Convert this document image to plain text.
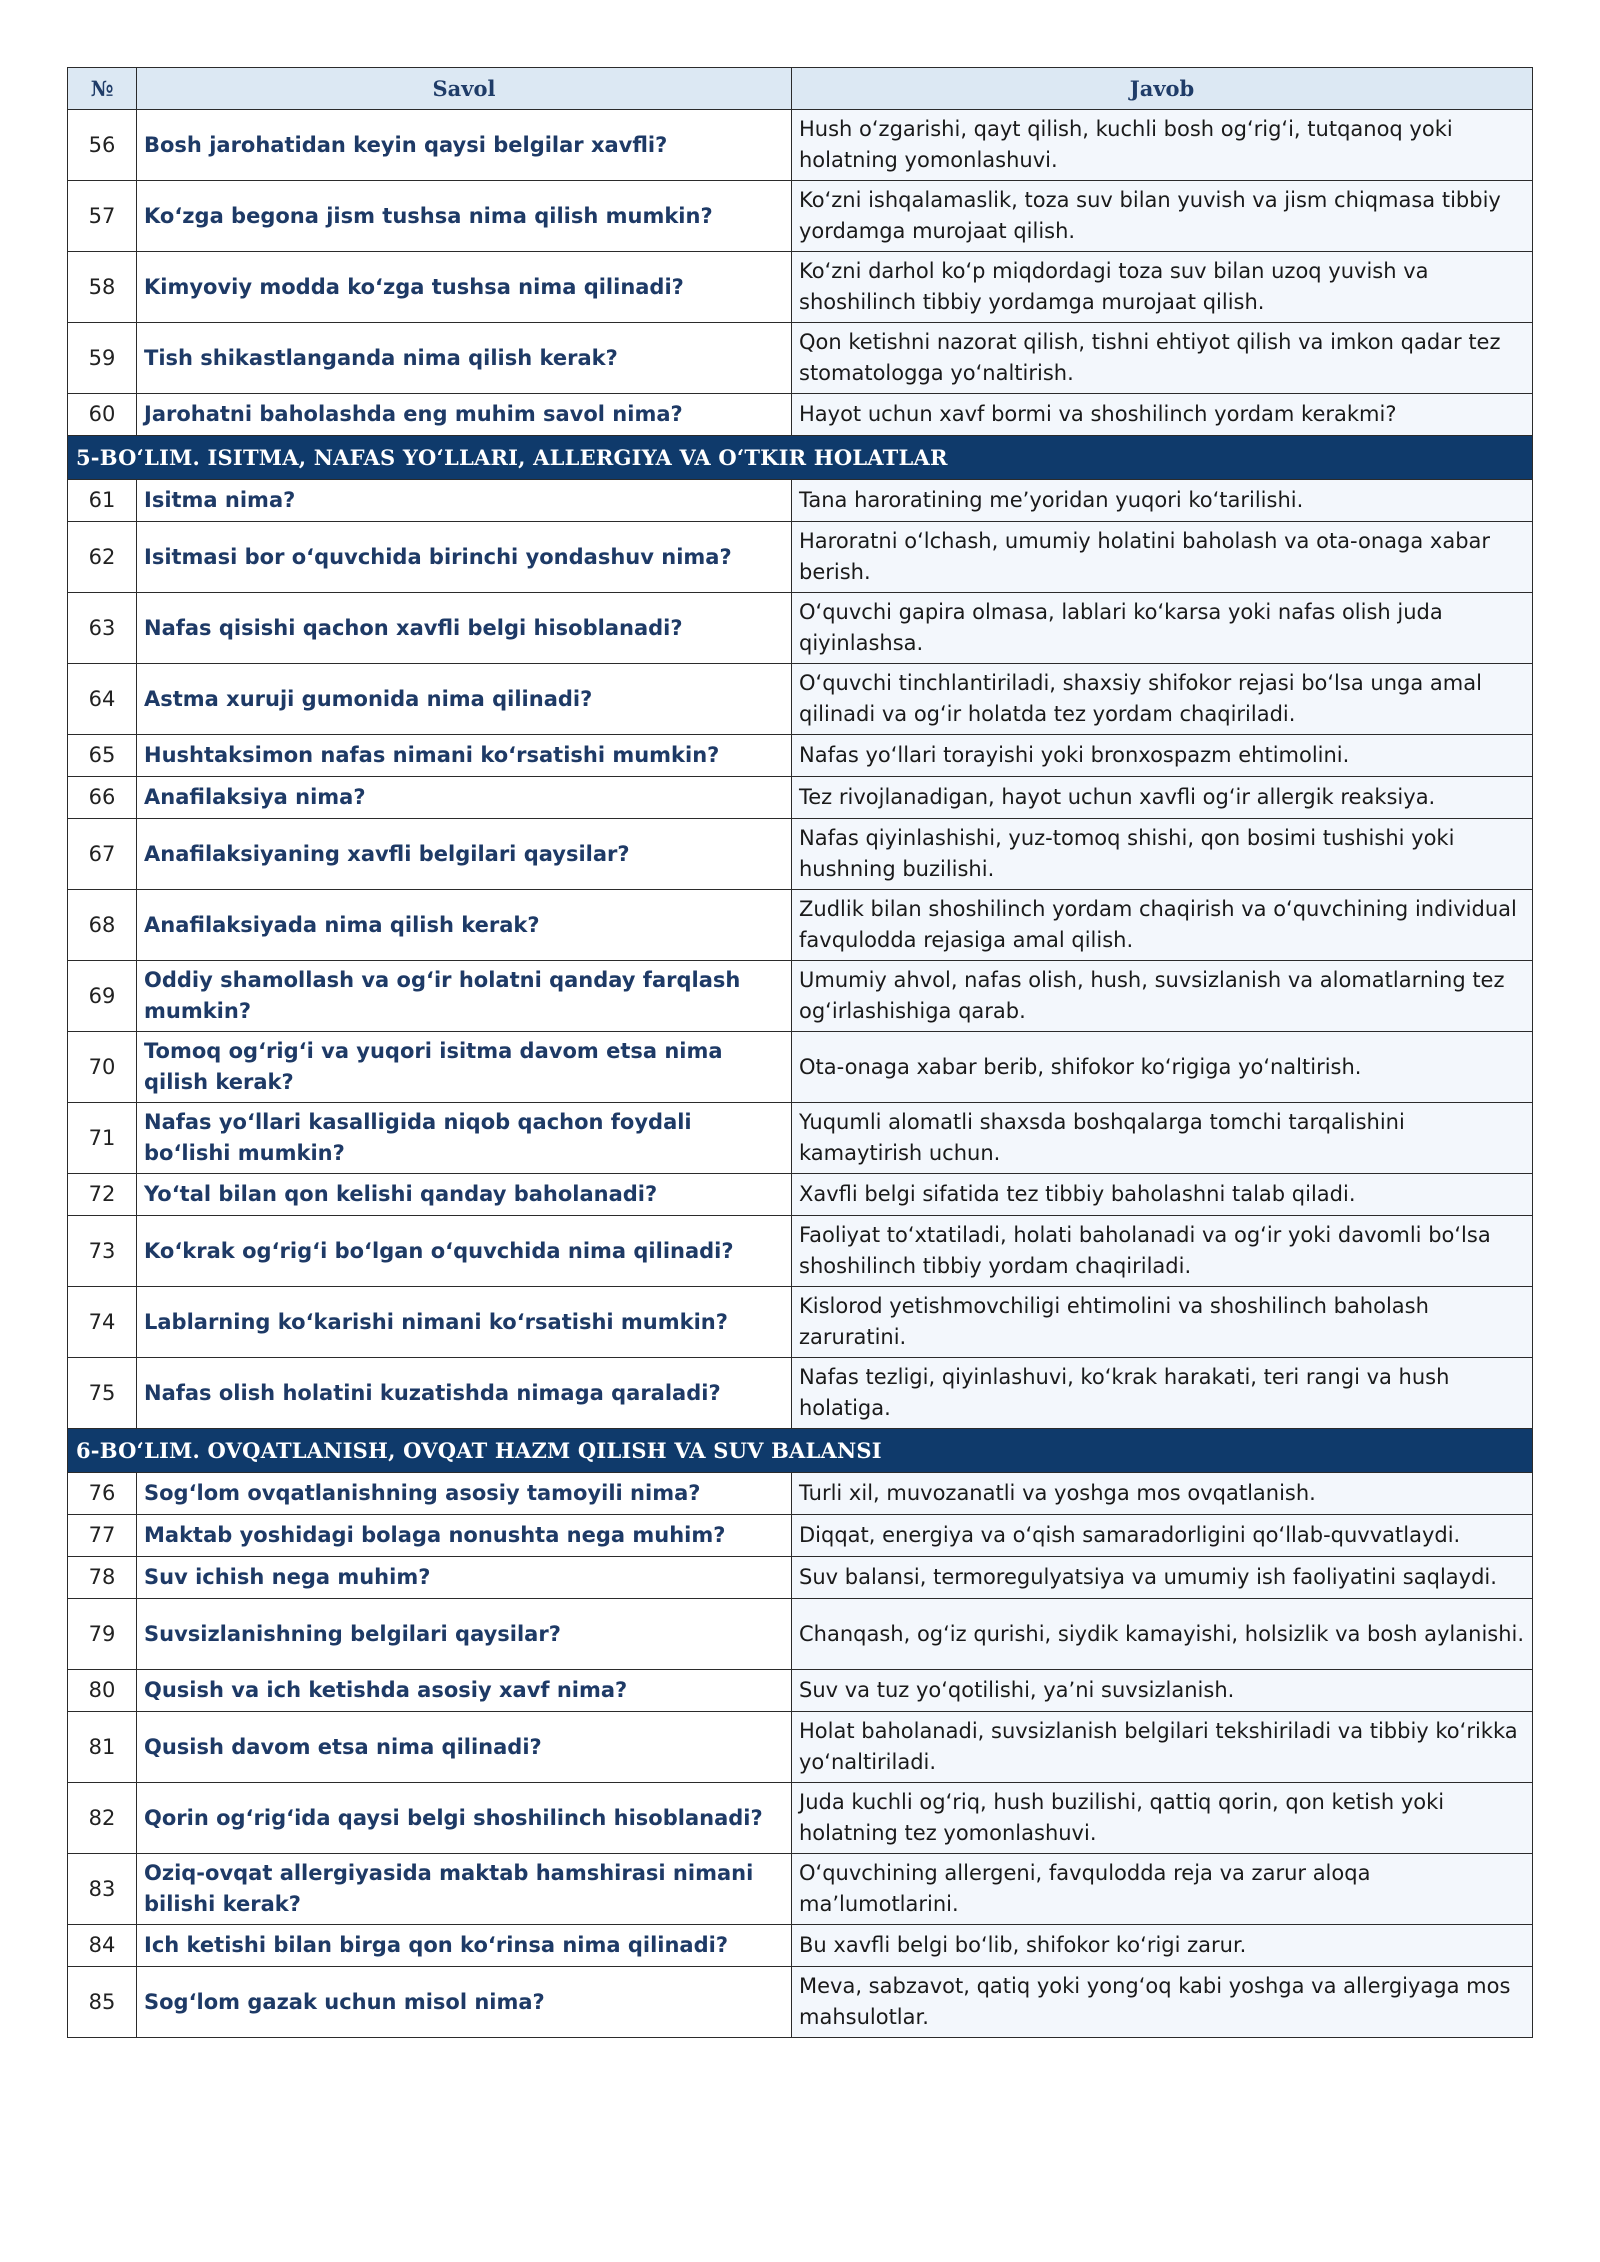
№	Savol	Javob
56	Bosh jarohatidan keyin qaysi belgilar xavfli?	Hush oʻzgarishi, qayt qilish, kuchli bosh ogʻrigʻi, tutqanoq yoki holatning yomonlashuvi.
57	Koʻzga begona jism tushsa nima qilish mumkin?	Koʻzni ishqalamaslik, toza suv bilan yuvish va jism chiqmasa tibbiy yordamga murojaat qilish.
58	Kimyoviy modda koʻzga tushsa nima qilinadi?	Koʻzni darhol koʻp miqdordagi toza suv bilan uzoq yuvish va shoshilinch tibbiy yordamga murojaat qilish.
59	Tish shikastlanganda nima qilish kerak?	Qon ketishni nazorat qilish, tishni ehtiyot qilish va imkon qadar tez stomatologga yoʻnaltirish.
60	Jarohatni baholashda eng muhim savol nima?	Hayot uchun xavf bormi va shoshilinch yordam kerakmi?
5-BOʻLIM. ISITMA, NAFAS YOʻLLARI, ALLERGIYA VA OʻTKIR HOLATLAR		
61	Isitma nima?	Tana haroratining meʼyoridan yuqori koʻtarilishi.
62	Isitmasi bor oʻquvchida birinchi yondashuv nima?	Haroratni oʻlchash, umumiy holatini baholash va ota-onaga xabar berish.
63	Nafas qisishi qachon xavfli belgi hisoblanadi?	Oʻquvchi gapira olmasa, lablari koʻkarsa yoki nafas olish juda qiyinlashsa.
64	Astma xuruji gumonida nima qilinadi?	Oʻquvchi tinchlantiriladi, shaxsiy shifokor rejasi boʻlsa unga amal qilinadi va ogʻir holatda tez yordam chaqiriladi.
65	Hushtaksimon nafas nimani koʻrsatishi mumkin?	Nafas yoʻllari torayishi yoki bronxospazm ehtimolini.
66	Anafilaksiya nima?	Tez rivojlanadigan, hayot uchun xavfli ogʻir allergik reaksiya.
67	Anafilaksiyaning xavfli belgilari qaysilar?	Nafas qiyinlashishi, yuz-tomoq shishi, qon bosimi tushishi yoki hushning buzilishi.
68	Anafilaksiyada nima qilish kerak?	Zudlik bilan shoshilinch yordam chaqirish va oʻquvchining individual favqulodda rejasiga amal qilish.
69	Oddiy shamollash va ogʻir holatni qanday farqlash mumkin?	Umumiy ahvol, nafas olish, hush, suvsizlanish va alomatlarning tez ogʻirlashishiga qarab.
70	Tomoq ogʻrigʻi va yuqori isitma davom etsa nima qilish kerak?	Ota-onaga xabar berib, shifokor koʻrigiga yoʻnaltirish.
71	Nafas yoʻllari kasalligida niqob qachon foydali boʻlishi mumkin?	Yuqumli alomatli shaxsda boshqalarga tomchi tarqalishini kamaytirish uchun.
72	Yoʻtal bilan qon kelishi qanday baholanadi?	Xavfli belgi sifatida tez tibbiy baholashni talab qiladi.
73	Koʻkrak ogʻrigʻi boʻlgan oʻquvchida nima qilinadi?	Faoliyat toʻxtatiladi, holati baholanadi va ogʻir yoki davomli boʻlsa shoshilinch tibbiy yordam chaqiriladi.
74	Lablarning koʻkarishi nimani koʻrsatishi mumkin?	Kislorod yetishmovchiligi ehtimolini va shoshilinch baholash zaruratini.
75	Nafas olish holatini kuzatishda nimaga qaraladi?	Nafas tezligi, qiyinlashuvi, koʻkrak harakati, teri rangi va hush holatiga.
6-BOʻLIM. OVQATLANISH, OVQAT HAZM QILISH VA SUV BALANSI		
76	Sogʻlom ovqatlanishning asosiy tamoyili nima?	Turli xil, muvozanatli va yoshga mos ovqatlanish.
77	Maktab yoshidagi bolaga nonushta nega muhim?	Diqqat, energiya va oʻqish samaradorligini qoʻllab-quvvatlaydi.
78	Suv ichish nega muhim?	Suv balansi, termoregulyatsiya va umumiy ish faoliyatini saqlaydi.
79	Suvsizlanishning belgilari qaysilar?	Chanqash, ogʻiz qurishi, siydik kamayishi, holsizlik va bosh aylanishi.
80	Qusish va ich ketishda asosiy xavf nima?	Suv va tuz yoʻqotilishi, yaʼni suvsizlanish.
81	Qusish davom etsa nima qilinadi?	Holat baholanadi, suvsizlanish belgilari tekshiriladi va tibbiy koʻrikka yoʻnaltiriladi.
82	Qorin ogʻrigʻida qaysi belgi shoshilinch hisoblanadi?	Juda kuchli ogʻriq, hush buzilishi, qattiq qorin, qon ketish yoki holatning tez yomonlashuvi.
83	Oziq-ovqat allergiyasida maktab hamshirasi nimani bilishi kerak?	Oʻquvchining allergeni, favqulodda reja va zarur aloqa maʼlumotlarini.
84	Ich ketishi bilan birga qon koʻrinsa nima qilinadi?	Bu xavfli belgi boʻlib, shifokor koʻrigi zarur.
85	Sogʻlom gazak uchun misol nima?	Meva, sabzavot, qatiq yoki yongʻoq kabi yoshga va allergiyaga mos mahsulotlar.
